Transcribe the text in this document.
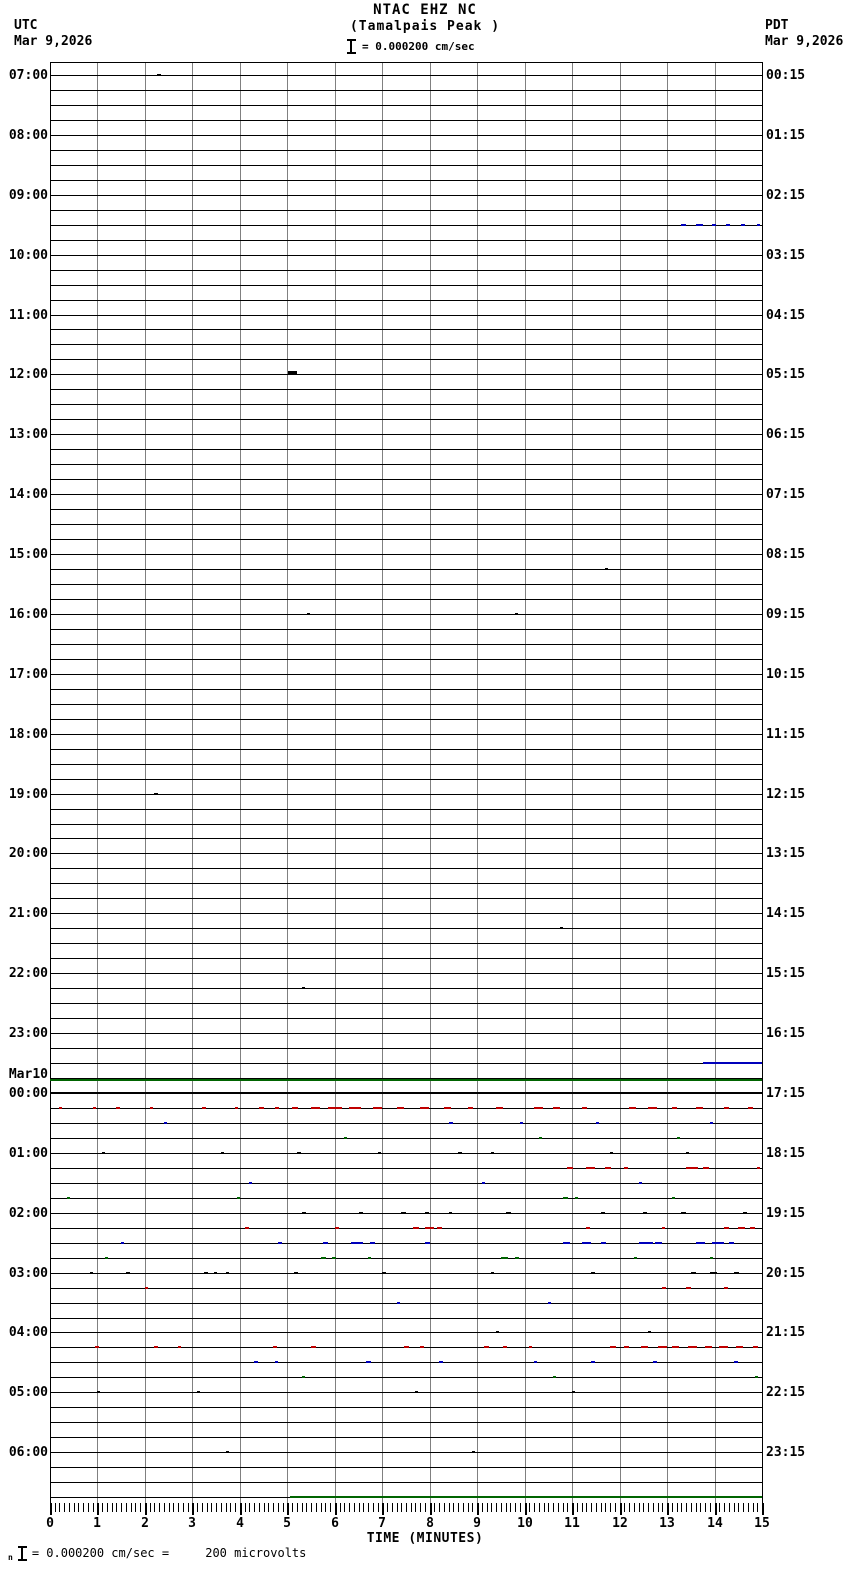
NTAC EHZ NC
(Tamalpais Peak )
UTC
Mar 9,2026
PDT
Mar 9,2026
= 0.000200 cm/sec
07:00
08:00
09:00
10:00
11:00
12:00
13:00
14:00
15:00
16:00
17:00
18:00
19:00
20:00
21:00
22:00
23:00
Mar10
00:00
01:00
02:00
03:00
04:00
05:00
06:00
00:15
01:15
02:15
03:15
04:15
05:15
06:15
07:15
08:15
09:15
10:15
11:15
12:15
13:15
14:15
15:15
16:15
17:15
18:15
19:15
20:15
21:15
22:15
23:15
0	1	2	3	4	5	6	7	8	9	10	11	12	13	14	15
TIME (MINUTES)
n = 0.000200 cm/sec =     200 microvolts
